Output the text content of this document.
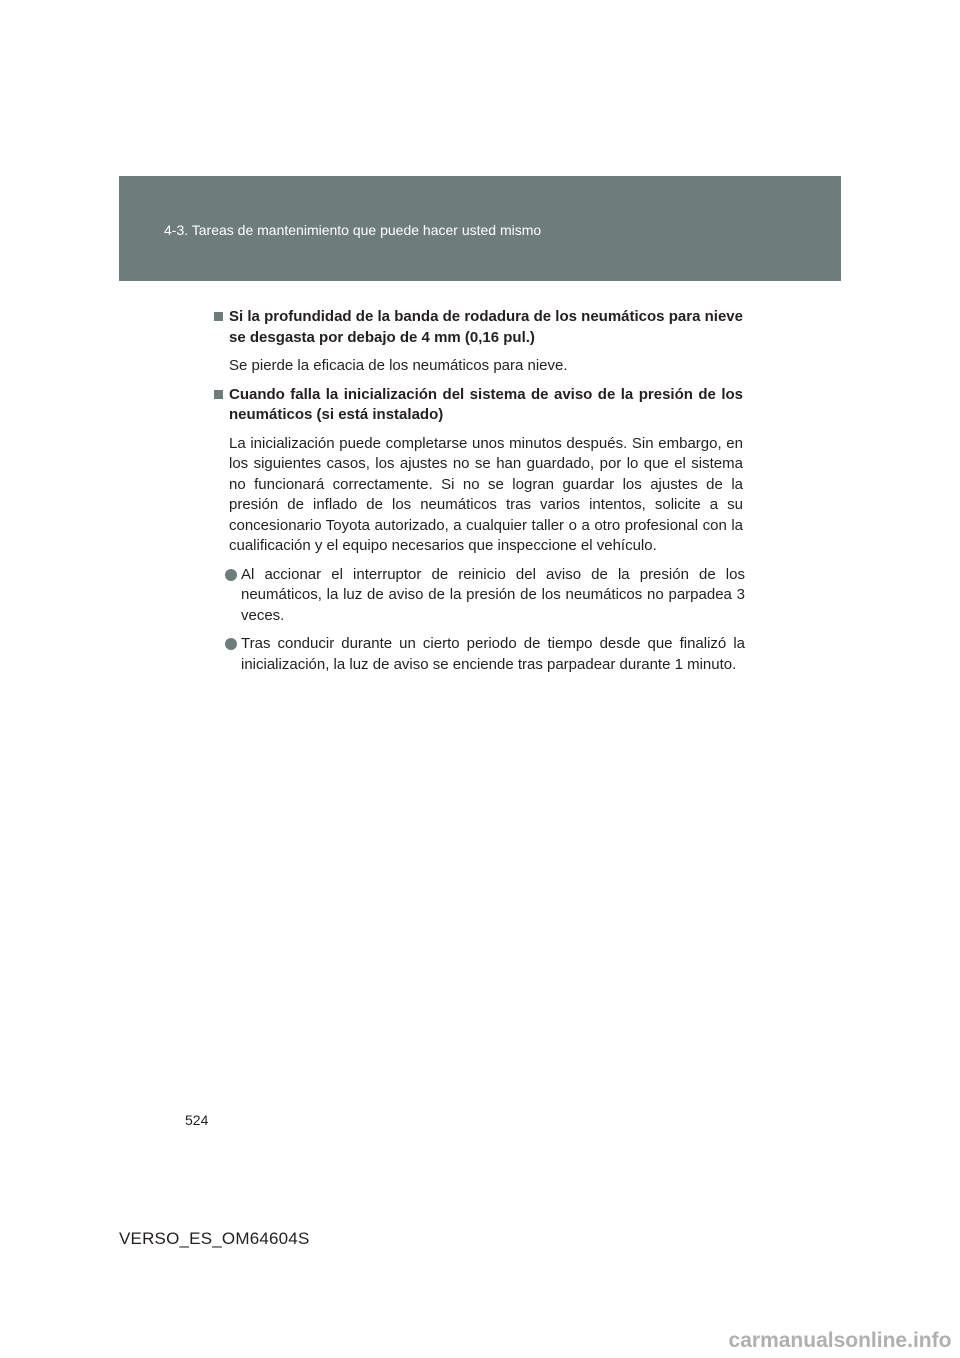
4-3. Tareas de mantenimiento que puede hacer usted mismo
Si la profundidad de la banda de rodadura de los neumáticos para nieve se desgasta por debajo de 4 mm (0,16 pul.)
Se pierde la eficacia de los neumáticos para nieve.
Cuando falla la inicialización del sistema de aviso de la presión de los neumáticos (si está instalado)
La inicialización puede completarse unos minutos después. Sin embargo, en los siguientes casos, los ajustes no se han guardado, por lo que el sistema no funcionará correctamente. Si no se logran guardar los ajustes de la presión de inflado de los neumáticos tras varios intentos, solicite a su concesionario Toyota autorizado, a cualquier taller o a otro profesional con la cualificación y el equipo necesarios que inspeccione el vehículo.
Al accionar el interruptor de reinicio del aviso de la presión de los neumáticos, la luz de aviso de la presión de los neumáticos no parpadea 3 veces.
Tras conducir durante un cierto periodo de tiempo desde que finalizó la inicialización, la luz de aviso se enciende tras parpadear durante 1 minuto.
524
VERSO_ES_OM64604S
carmanualsonline.info
